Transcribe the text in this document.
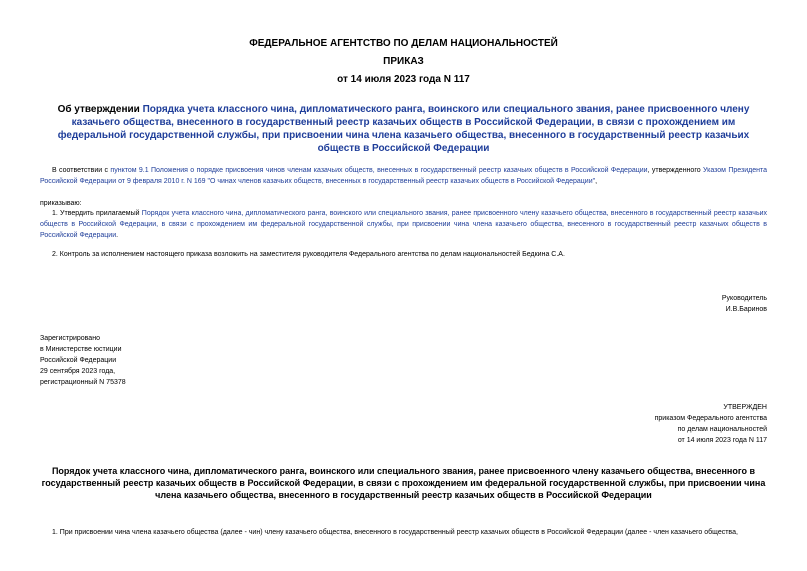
ФЕДЕРАЛЬНОЕ АГЕНТСТВО ПО ДЕЛАМ НАЦИОНАЛЬНОСТЕЙ
ПРИКАЗ
от 14 июля 2023 года N 117
Об утверждении Порядка учета классного чина, дипломатического ранга, воинского или специального звания, ранее присвоенного члену казачьего общества, внесенного в государственный реестр казачьих обществ в Российской Федерации, в связи с прохождением им федеральной государственной службы, при присвоении чина члена казачьего общества, внесенного в государственный реестр казачьих обществ в Российской Федерации
В соответствии с пунктом 9.1 Положения о порядке присвоения чинов членам казачьих обществ, внесенных в государственный реестр казачьих обществ в Российской Федерации, утвержденного Указом Президента Российской Федерации от 9 февраля 2010 г. N 169 "О чинах членов казачьих обществ, внесенных в государственный реестр казачьих обществ в Российской Федерации",
приказываю:
1. Утвердить прилагаемый Порядок учета классного чина, дипломатического ранга, воинского или специального звания, ранее присвоенного члену казачьего общества, внесенного в государственный реестр казачьих обществ в Российской Федерации, в связи с прохождением им федеральной государственной службы, при присвоении чина члена казачьего общества, внесенного в государственный реестр казачьих обществ в Российской Федерации.
2. Контроль за исполнением настоящего приказа возложить на заместителя руководителя Федерального агентства по делам национальностей Бедкина С.А.
Руководитель
И.В.Баринов
Зарегистрировано
в Министерстве юстиции
Российской Федерации
29 сентября 2023 года,
регистрационный N 75378
УТВЕРЖДЕН
приказом Федерального агентства
по делам национальностей
от 14 июля 2023 года N 117
Порядок учета классного чина, дипломатического ранга, воинского или специального звания, ранее присвоенного члену казачьего общества, внесенного в государственный реестр казачьих обществ в Российской Федерации, в связи с прохождением им федеральной государственной службы, при присвоении чина члена казачьего общества, внесенного в государственный реестр казачьих обществ в Российской Федерации
1. При присвоении чина члена казачьего общества (далее - чин) члену казачьего общества, внесенного в государственный реестр казачьих обществ в Российской Федерации (далее - член казачьего общества,
